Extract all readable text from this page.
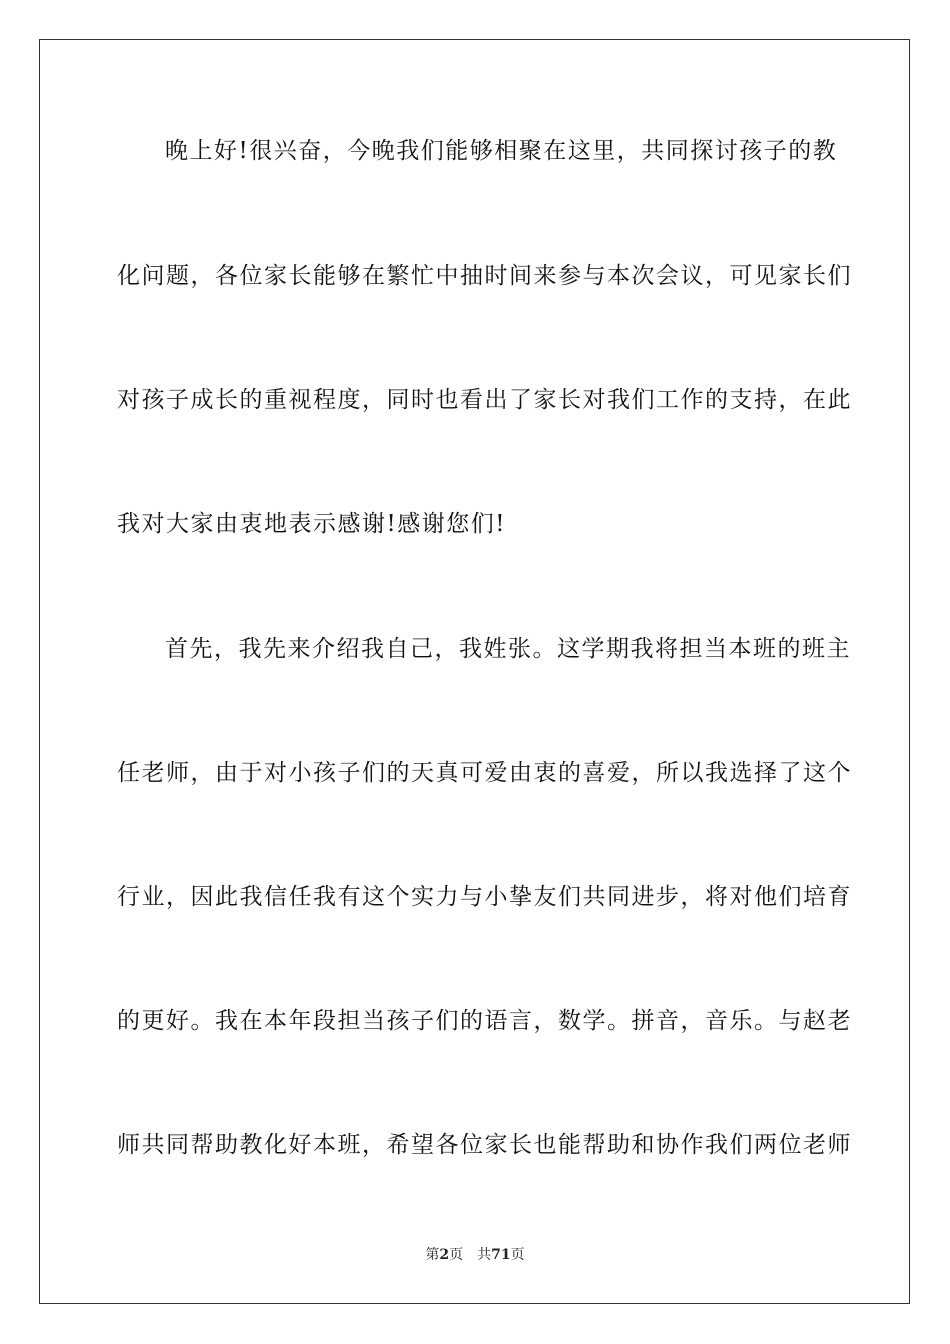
晚上好!很兴奋，今晚我们能够相聚在这里，共同探讨孩子的教
化问题，各位家长能够在繁忙中抽时间来参与本次会议，可见家长们
对孩子成长的重视程度，同时也看出了家长对我们工作的支持，在此
我对大家由衷地表示感谢!感谢您们!
首先，我先来介绍我自己，我姓张。这学期我将担当本班的班主
任老师，由于对小孩子们的天真可爱由衷的喜爱，所以我选择了这个
行业，因此我信任我有这个实力与小挚友们共同进步，将对他们培育
的更好。我在本年段担当孩子们的语言，数学。拼音，音乐。与赵老
师共同帮助教化好本班，希望各位家长也能帮助和协作我们两位老师
第2页 共71页
